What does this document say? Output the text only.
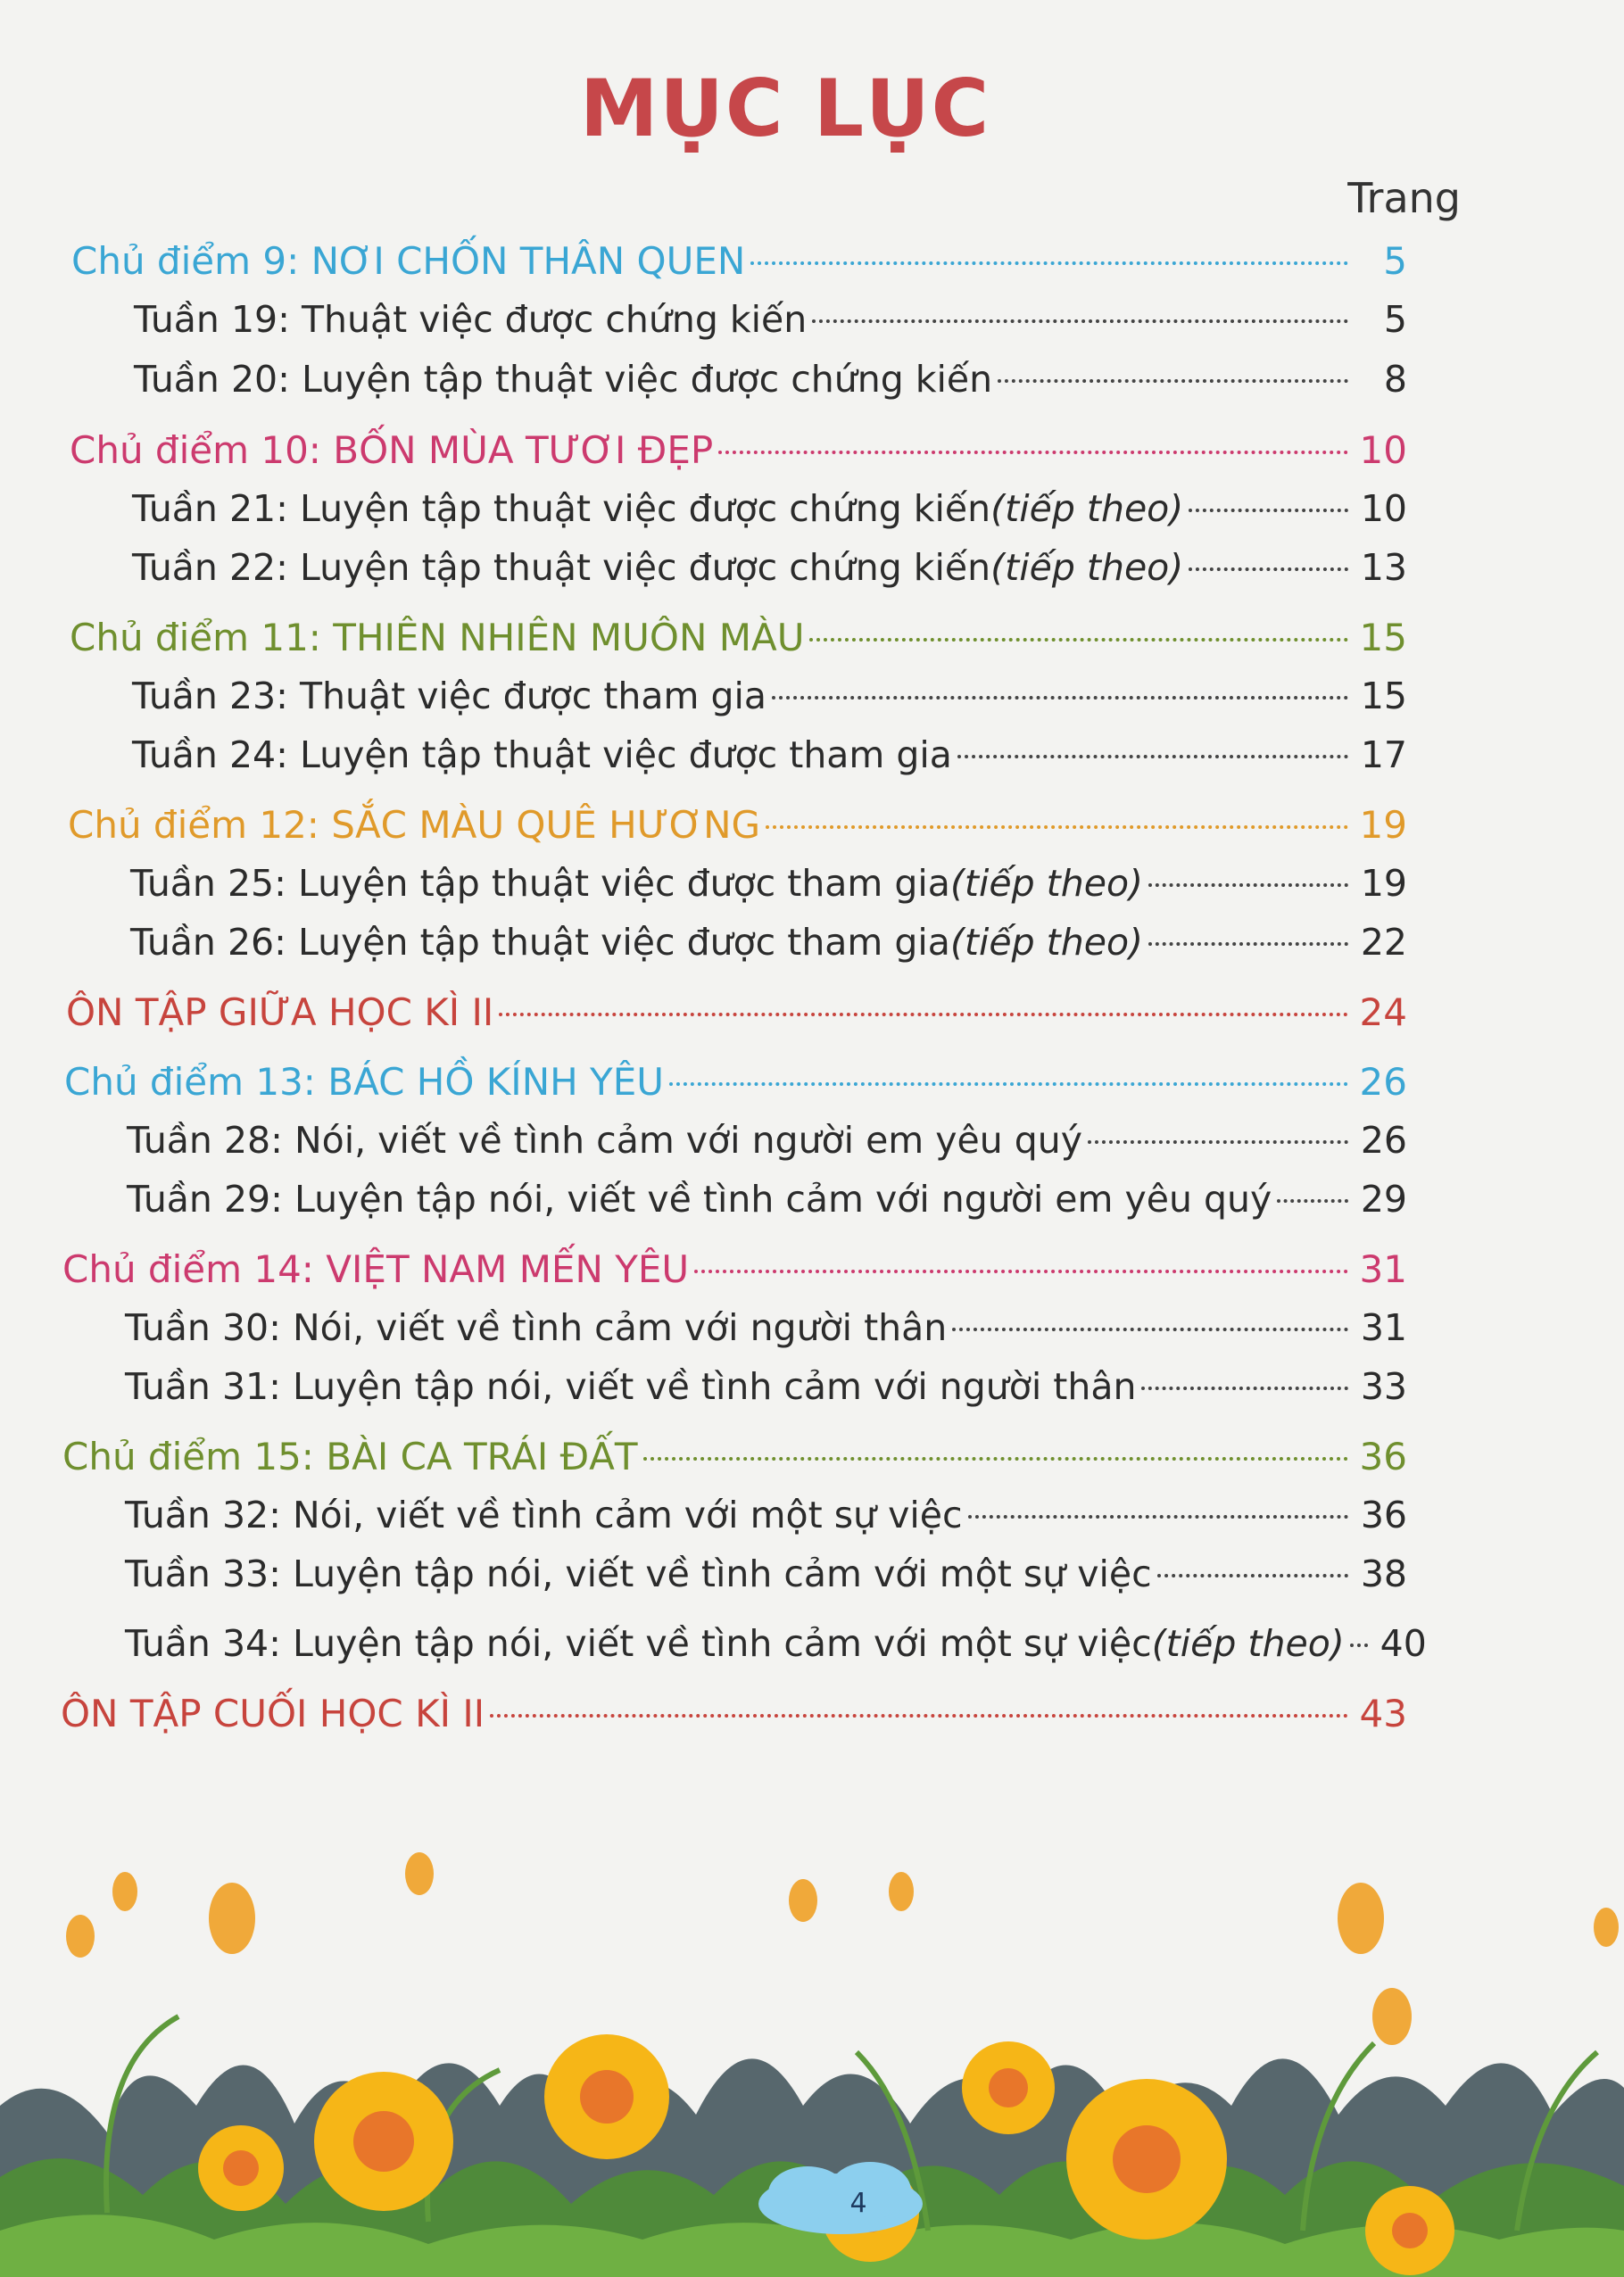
MỤC LỤC
Trang
Chủ điểm 9: NƠI CHỐN THÂN QUEN	5
Tuần 19: Thuật việc được chứng kiến	5
Tuần 20: Luyện tập thuật việc được chứng kiến	8
Chủ điểm 10: BỐN MÙA TƯƠI ĐẸP	10
Tuần 21: Luyện tập thuật việc được chứng kiến (tiếp theo)	10
Tuần 22: Luyện tập thuật việc được chứng kiến (tiếp theo)	13
Chủ điểm 11: THIÊN NHIÊN MUÔN MÀU	15
Tuần 23: Thuật việc được tham gia	15
Tuần 24: Luyện tập thuật việc được tham gia	17
Chủ điểm 12: SẮC MÀU QUÊ HƯƠNG	19
Tuần 25: Luyện tập thuật việc được tham gia (tiếp theo)	19
Tuần 26: Luyện tập thuật việc được tham gia (tiếp theo)	22
ÔN TẬP GIỮA HỌC KÌ II	24
Chủ điểm 13: BÁC HỒ KÍNH YÊU	26
Tuần 28: Nói, viết về tình cảm với người em yêu quý	26
Tuần 29: Luyện tập nói, viết về tình cảm với người em yêu quý 29
Chủ điểm 14: VIỆT NAM MẾN YÊU	31
Tuần 30: Nói, viết về tình cảm với người thân	31
Tuần 31: Luyện tập nói, viết về tình cảm với người thân	33
Chủ điểm 15: BÀI CA TRÁI ĐẤT	36
Tuần 32: Nói, viết về tình cảm với một sự việc	36
Tuần 33: Luyện tập nói, viết về tình cảm với một sự việc	38
Tuần 34: Luyện tập nói, viết về tình cảm với một sự việc (tiếp theo) 40
ÔN TẬP CUỐI HỌC KÌ II	43
4
